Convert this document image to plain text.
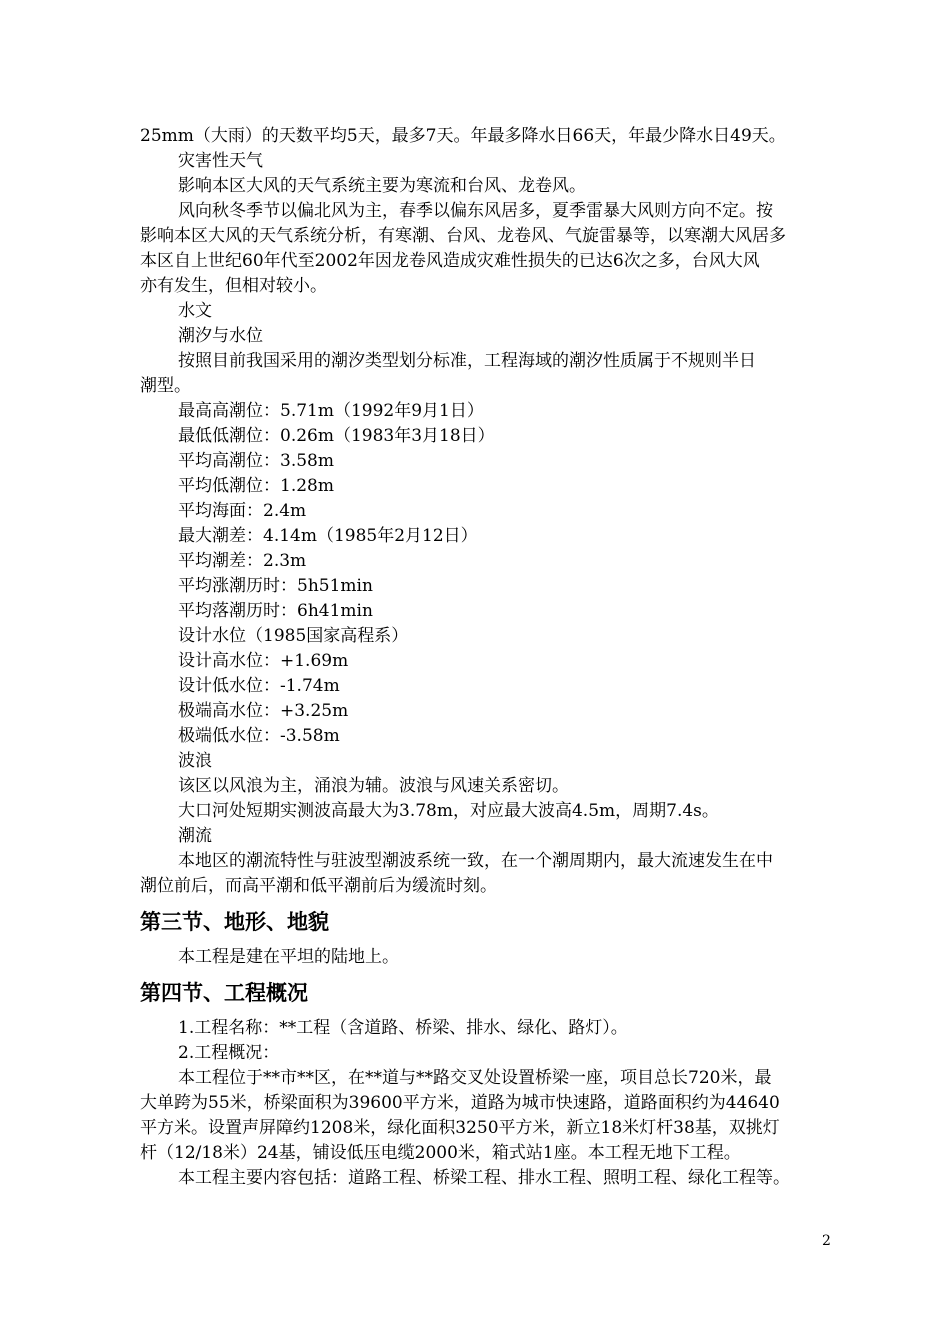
25mm（大雨）的天数平均5天，最多7天。年最多降水日66天，年最少降水日49天。

灾害性天气

影响本区大风的天气系统主要为寒流和台风、龙卷风。

风向秋冬季节以偏北风为主，春季以偏东风居多，夏季雷暴大风则方向不定。按

影响本区大风的天气系统分析，有寒潮、台风、龙卷风、气旋雷暴等，以寒潮大风居多

本区自上世纪60年代至2002年因龙卷风造成灾难性损失的已达6次之多，台风大风

亦有发生，但相对较小。

水文

潮汐与水位

按照目前我国采用的潮汐类型划分标准，工程海域的潮汐性质属于不规则半日

潮型。

最高高潮位：5.71m（1992年9月1日）

最低低潮位：0.26m（1983年3月18日）

平均高潮位：3.58m

平均低潮位：1.28m

平均海面：2.4m

最大潮差：4.14m（1985年2月12日）

平均潮差：2.3m

平均涨潮历时：5h51min

平均落潮历时：6h41min

设计水位（1985国家高程系）

设计高水位：+1.69m

设计低水位：-1.74m

极端高水位：+3.25m

极端低水位：-3.58m

波浪

该区以风浪为主，涌浪为辅。波浪与风速关系密切。

大口河处短期实测波高最大为3.78m，对应最大波高4.5m，周期7.4s。

潮流

本地区的潮流特性与驻波型潮波系统一致，在一个潮周期内，最大流速发生在中

潮位前后，而高平潮和低平潮前后为缓流时刻。

第三节、地形、地貌

本工程是建在平坦的陆地上。

第四节、工程概况

1.工程名称：**工程（含道路、桥梁、排水、绿化、路灯）。

2.工程概况：

本工程位于**市**区，在**道与**路交叉处设置桥梁一座，项目总长720米，最

大单跨为55米，桥梁面积为39600平方米，道路为城市快速路，道路面积约为44640

平方米。设置声屏障约1208米，绿化面积3250平方米，新立18米灯杆38基，双挑灯

杆（12/18米）24基，铺设低压电缆2000米，箱式站1座。本工程无地下工程。

本工程主要内容包括：道路工程、桥梁工程、排水工程、照明工程、绿化工程等。

2
